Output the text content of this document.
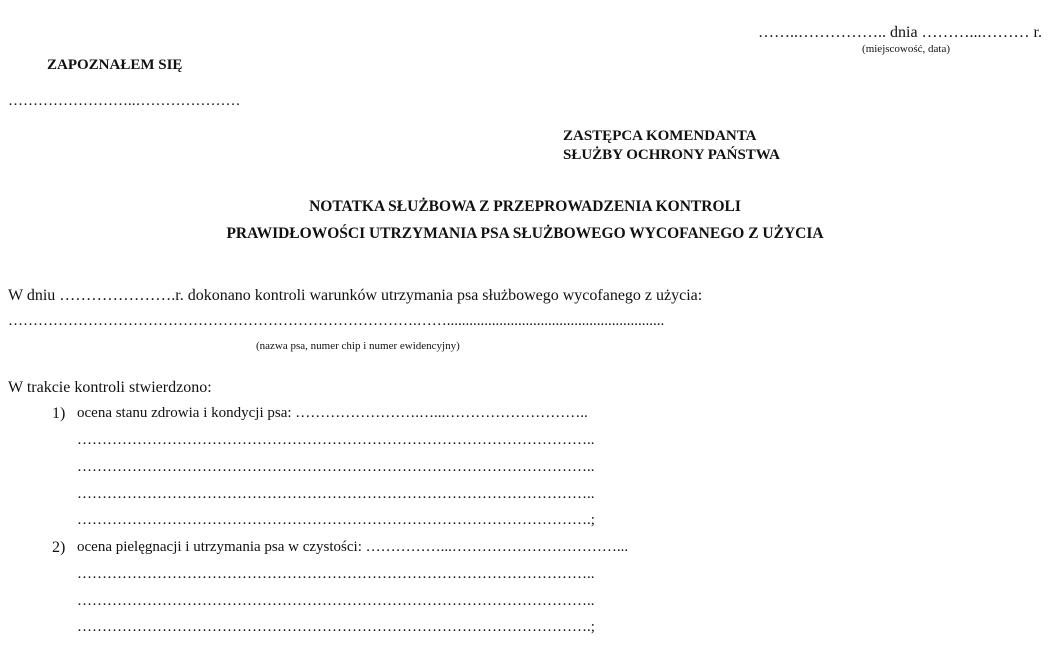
……..…………….. dnia ………...……… r.
(miejscowość, data)
ZAPOZNAŁEM SIĘ
……………………..…………………
ZASTĘPCA KOMENDANTA
SŁUŻBY OCHRONY PAŃSTWA
NOTATKA SŁUŻBOWA Z PRZEPROWADZENIA KONTROLI
PRAWIDŁOWOŚCI UTRZYMANIA PSA SŁUŻBOWEGO WYCOFANEGO Z UŻYCIA
W dniu ………………….r. dokonano kontroli warunków utrzymania psa służbowego wycofanego z użycia:
……………………………………………………………………….……..........................................................
(nazwa psa, numer chip i numer ewidencyjny)
W trakcie kontroli stwierdzono:
1) ocena stanu zdrowia i kondycji psa: …………………….…...………………………..
…………………………………………………………………………………………..
…………………………………………………………………………………………..
…………………………………………………………………………………………..
………………………………………………………………………………………….;
2) ocena pielęgnacji i utrzymania psa w czystości: ……………...……………………………...
…………………………………………………………………………………………..
…………………………………………………………………………………………..
………………………………………………………………………………………….;
